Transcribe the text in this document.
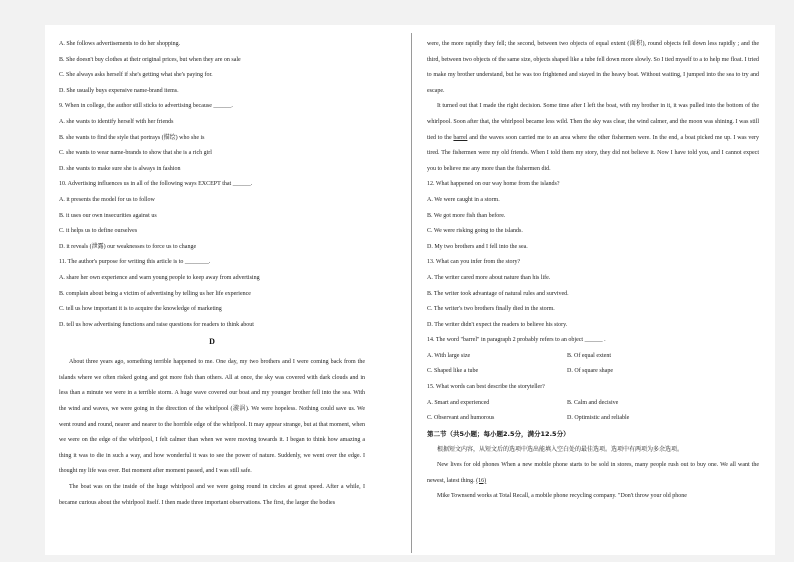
A. She follows advertisements to do her shopping.
B. She doesn't buy clothes at their original prices, but when they are on sale
C. She always asks herself if she's getting what she's paying for.
D. She usually buys expensive name-brand items.
9. When in college, the author still sticks to advertising because ______.
A. she wants to identify herself with her friends
B. she wants to find the style that portrays (描绘) who she is
C. she wants to wear name-brands to show that she is a rich girl
D. she wants to make sure she is always in fashion
10. Advertising influences us in all of the following ways EXCEPT that ______.
A. it presents the model for us to follow
B. it uses our own insecurities against us
C. it helps us to define ourselves
D. it reveals (泄露) our weaknesses to force us to change
11. The author's purpose for writing this article is to ________.
A. share her own experience and warn young people to keep away from advertising
B. complain about being a victim of advertising by telling us her life experience
C. tell us how important it is to acquire the knowledge of marketing
D. tell us how advertising functions and raise questions for readers to think about
D
About three years ago, something terrible happened to me. One day, my two brothers and I were coming back from the islands where we often risked going and got more fish than others. All at once, the sky was covered with dark clouds and in less than a minute we were in a terrible storm. A huge wave covered our boat and my younger brother fell into the sea. With the wind and waves, we were going in the direction of the whirlpool (漩涡). We were hopeless. Nothing could save us. We went round and round, nearer and nearer to the horrible edge of the whirlpool. It may appear strange, but at that moment, when we were on the edge of the whirlpool, I felt calmer than when we were moving towards it. I began to think how amazing a thing it was to die in such a way, and how wonderful it was to see the power of nature. Suddenly, we went over the edge. I thought my life was over. But moment after moment passed, and I was still safe.
The boat was on the inside of the huge whirlpool and we were going round in circles at great speed. After a while, I became curious about the whirlpool itself. I then made three important observations. The first, the larger the bodies
were, the more rapidly they fell; the second, between two objects of equal extent (面积), round objects fell down less rapidly ; and the third, between two objects of the same size, objects shaped like a tube fell down more slowly. So I tied myself to a to help me float. I tried to make my brother understand, but he was too frightened and stayed in the heavy boat. Without waiting, I jumped into the sea to try and escape.
It turned out that I made the right decision. Some time after I left the boat, with my brother in it, it was pulled into the bottom of the whirlpool. Soon after that, the whirlpool became less wild. Then the sky was clear, the wind calmer, and the moon was shining. I was still tied to the barrel and the waves soon carried me to an area where the other fishermen were. In the end, a boat picked me up. I was very tired. The fishermen were my old friends. When I told them my story, they did not believe it. Now I have told you, and I cannot expect you to believe me any more than the fishermen did.
12. What happened on our way home from the islands?
A. We were caught in a storm.
B. We got more fish than before.
C. We were risking going to the islands.
D. My two brothers and I fell into the sea.
13. What can you infer from the story?
A. The writer cared more about nature than his life.
B. The writer took advantage of natural rules and survived.
C. The writer's two brothers finally died in the storm.
D. The writer didn't expect the readers to believe his story.
14. The word "barrel" in paragraph 2 probably refers to an object ______ .
A. With large size	B. Of equal extent
C. Shaped like a tube	D. Of square shape
15. What words can best describe the storyteller?
A. Smart and experienced	B. Calm and decisive
C. Observant and humorous	D. Optimistic and reliable
第二节（共5小题；每小题2.5分，满分12.5分）
根据短文内容，从短文后的选项中选出能填入空白处的最佳选项。选项中有两项为多余选项。
New lives for old phones When a new mobile phone starts to be sold in stores, many people rush out to buy one. We all want the newest, latest thing. (16)
Mike Townsend works at Total Recall, a mobile phone recycling company. "Don't throw your old phone
